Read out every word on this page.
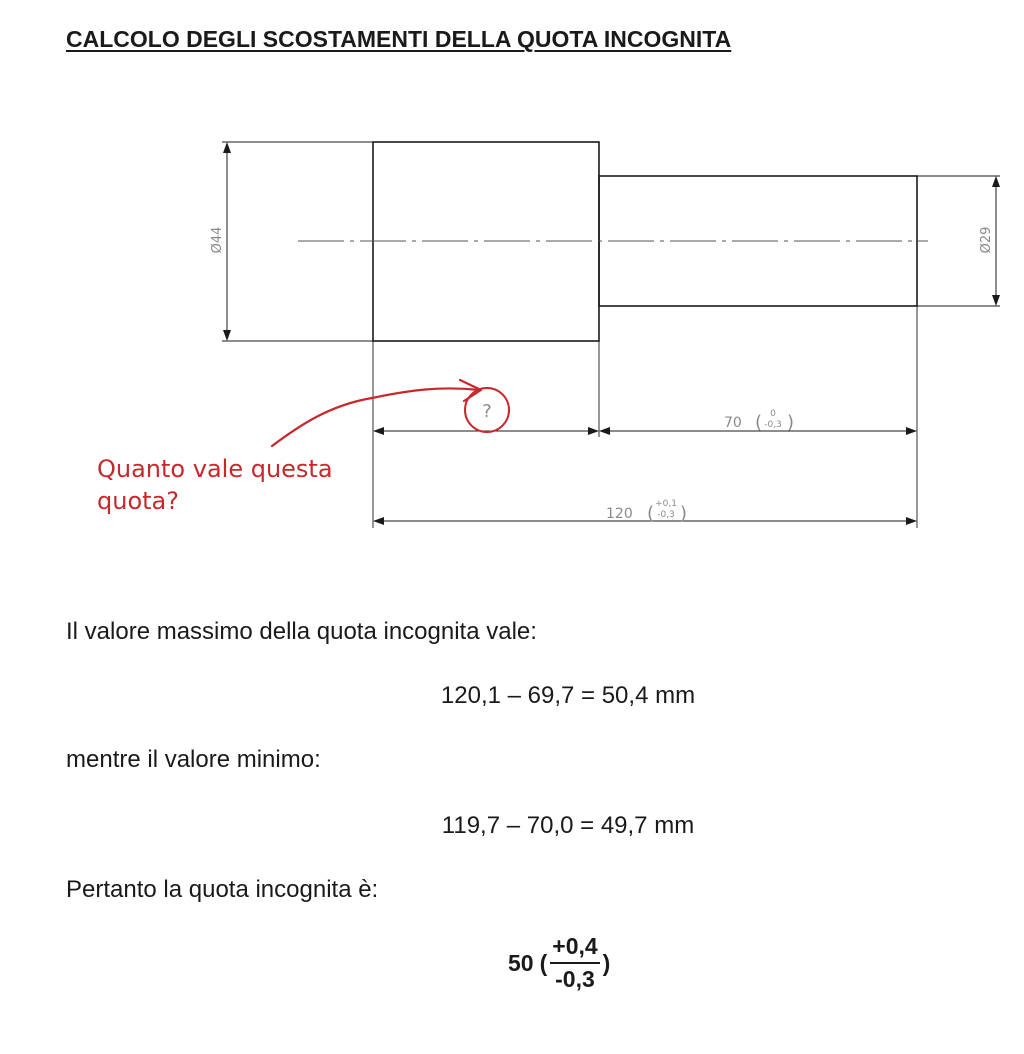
CALCOLO DEGLI SCOSTAMENTI DELLA QUOTA INCOGNITA
Ø44	Ø29
?
70 ( 0
-0,3 )
120 ( +0,1
-0,3 )
Quanto vale questa
quota?
Il valore massimo della quota incognita vale:
120,1 – 69,7 = 50,4 mm
mentre il valore minimo:
119,7 – 70,0 = 49,7 mm
Pertanto la quota incognita è:
50 ( $\frac{+0,4}{-0,3}$ )
